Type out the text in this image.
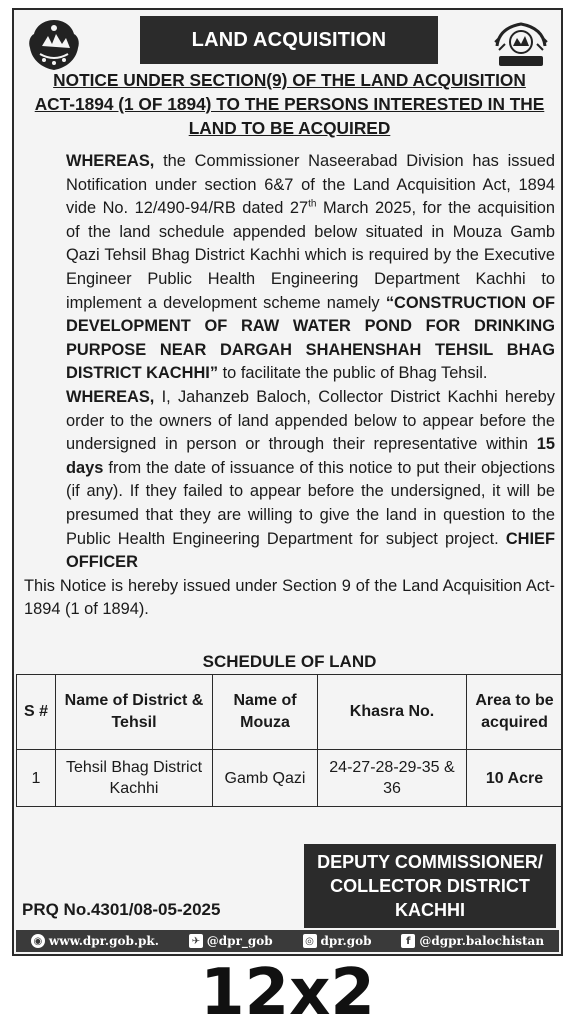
LAND ACQUISITION
NOTICE UNDER SECTION(9) OF THE LAND ACQUISITION ACT-1894 (1 OF 1894) TO THE PERSONS INTERESTED IN THE LAND TO BE ACQUIRED

WHEREAS, the Commissioner Naseerabad Division has issued Notification under section 6&7 of the Land Acquisition Act, 1894 vide No. 12/490-94/RB dated 27th March 2025, for the acquisition of the land schedule appended below situated in Mouza Gamb Qazi Tehsil Bhag District Kachhi which is required by the Executive Engineer Public Health Engineering Department Kachhi to implement a development scheme namely “CONSTRUCTION OF DEVELOPMENT OF RAW WATER POND FOR DRINKING PURPOSE NEAR DARGAH SHAHENSHAH TEHSIL BHAG DISTRICT KACHHI” to facilitate the public of Bhag Tehsil.

WHEREAS, I, Jahanzeb Baloch, Collector District Kachhi hereby order to the owners of land appended below to appear before the undersigned in person or through their representative within 15 days from the date of issuance of this notice to put their objections (if any). If they failed to appear before the undersigned, it will be presumed that they are willing to give the land in question to the Public Health Engineering Department for subject project. CHIEF OFFICER

This Notice is hereby issued under Section 9 of the Land Acquisition Act-1894 (1 of 1894).

SCHEDULE OF LAND
S #	Name of District & Tehsil	Name of Mouza	Khasra No.	Area to be acquired
1	Tehsil Bhag District Kachhi	Gamb Qazi	24-27-28-29-35 & 36	10 Acre
DEPUTY COMMISSIONER/
COLLECTOR DISTRICT
KACHHI
PRQ No.4301/08-05-2025
◉ www.dpr.gob.pk.	✈ @dpr_gob	◎ dpr.gob	f @dgpr.balochistan
12x2
